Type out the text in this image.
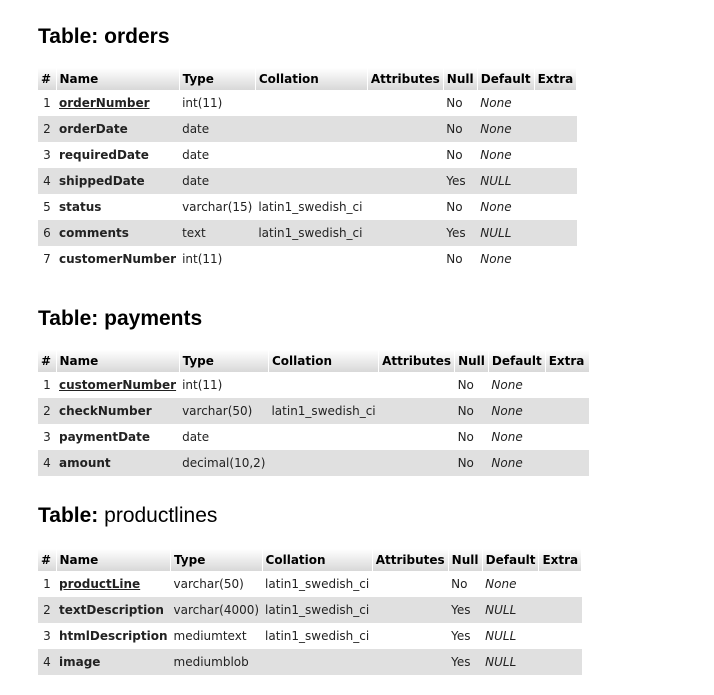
Table: orders
#	Name	Type	Collation	Attributes	Null	Default	Extra
1	orderNumber	int(11)			No	None	
2	orderDate	date			No	None	
3	requiredDate	date			No	None	
4	shippedDate	date			Yes	NULL	
5	status	varchar(15)	latin1_swedish_ci		No	None	
6	comments	text	latin1_swedish_ci		Yes	NULL	
7	customerNumber	int(11)			No	None	
Table: payments
#	Name	Type	Collation	Attributes	Null	Default	Extra
1	customerNumber	int(11)			No	None	
2	checkNumber	varchar(50)	latin1_swedish_ci		No	None	
3	paymentDate	date			No	None	
4	amount	decimal(10,2)			No	None	
Table: productlines
#	Name	Type	Collation	Attributes	Null	Default	Extra
1	productLine	varchar(50)	latin1_swedish_ci		No	None	
2	textDescription	varchar(4000)	latin1_swedish_ci		Yes	NULL	
3	htmlDescription	mediumtext	latin1_swedish_ci		Yes	NULL	
4	image	mediumblob			Yes	NULL	
